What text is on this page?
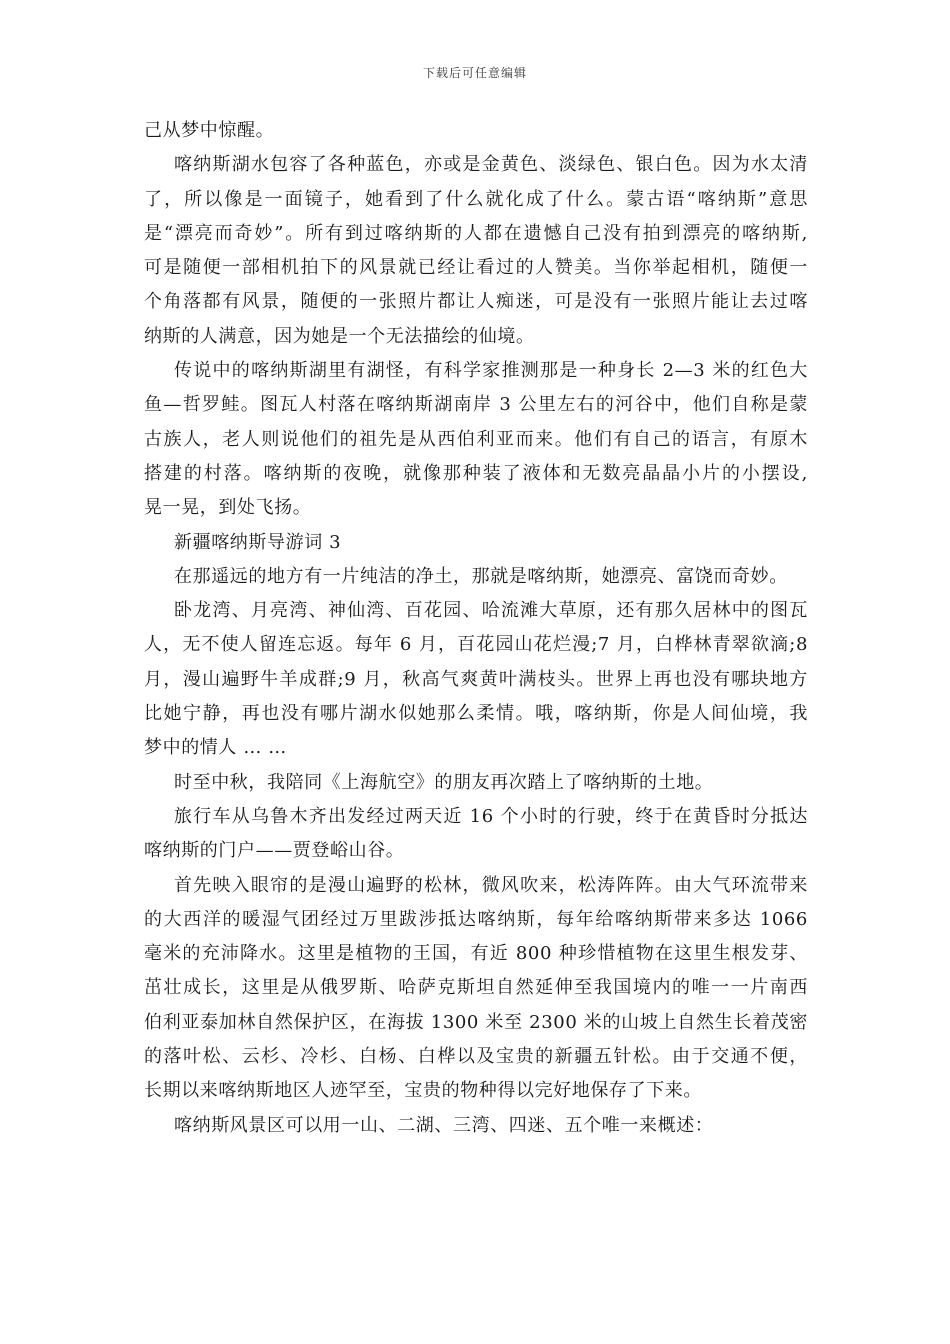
下载后可任意编辑
己从梦中惊醒。
喀纳斯湖水包容了各种蓝色，亦或是金黄色、淡绿色、银白色。因为水太清
了，所以像是一面镜子，她看到了什么就化成了什么。蒙古语“喀纳斯”意思
是“漂亮而奇妙”。所有到过喀纳斯的人都在遗憾自己没有拍到漂亮的喀纳斯,
可是随便一部相机拍下的风景就已经让看过的人赞美。当你举起相机，随便一
个角落都有风景，随便的一张照片都让人痴迷，可是没有一张照片能让去过喀
纳斯的人满意，因为她是一个无法描绘的仙境。
传说中的喀纳斯湖里有湖怪，有科学家推测那是一种身长 2—3 米的红色大
鱼—哲罗鲑。图瓦人村落在喀纳斯湖南岸 3 公里左右的河谷中，他们自称是蒙
古族人，老人则说他们的祖先是从西伯利亚而来。他们有自己的语言，有原木
搭建的村落。喀纳斯的夜晚，就像那种装了液体和无数亮晶晶小片的小摆设,
晃一晃，到处飞扬。
新疆喀纳斯导游词 3
在那遥远的地方有一片纯洁的净土，那就是喀纳斯，她漂亮、富饶而奇妙。
卧龙湾、月亮湾、神仙湾、百花园、哈流滩大草原，还有那久居林中的图瓦
人，无不使人留连忘返。每年 6 月，百花园山花烂漫;7 月，白桦林青翠欲滴;8
月，漫山遍野牛羊成群;9 月，秋高气爽黄叶满枝头。世界上再也没有哪块地方
比她宁静，再也没有哪片湖水似她那么柔情。哦，喀纳斯，你是人间仙境，我
梦中的情人 … …
时至中秋，我陪同《上海航空》的朋友再次踏上了喀纳斯的土地。
旅行车从乌鲁木齐出发经过两天近 16 个小时的行驶，终于在黄昏时分抵达
喀纳斯的门户——贾登峪山谷。
首先映入眼帘的是漫山遍野的松林，微风吹来，松涛阵阵。由大气环流带来
的大西洋的暖湿气团经过万里跋涉抵达喀纳斯，每年给喀纳斯带来多达 1066
毫米的充沛降水。这里是植物的王国，有近 800 种珍惜植物在这里生根发芽、
茁壮成长，这里是从俄罗斯、哈萨克斯坦自然延伸至我国境内的唯一一片南西
伯利亚泰加林自然保护区，在海拔 1300 米至 2300 米的山坡上自然生长着茂密
的落叶松、云杉、冷杉、白杨、白桦以及宝贵的新疆五针松。由于交通不便，
长期以来喀纳斯地区人迹罕至，宝贵的物种得以完好地保存了下来。
喀纳斯风景区可以用一山、二湖、三湾、四迷、五个唯一来概述：
